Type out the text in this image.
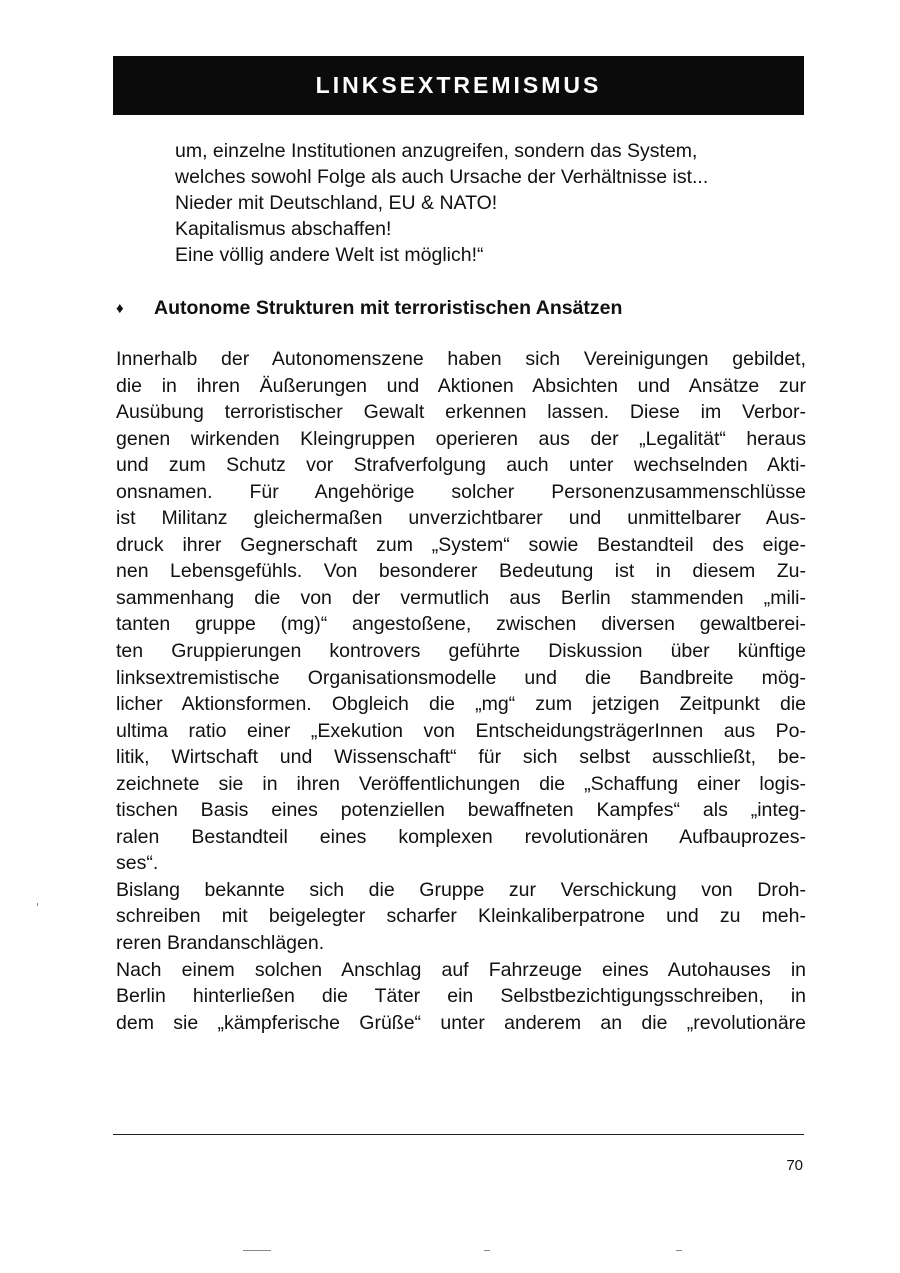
LINKSEXTREMISMUS
um, einzelne Institutionen anzugreifen, sondern das System,
welches sowohl Folge als auch Ursache der Verhältnisse ist...
Nieder mit Deutschland, EU & NATO!
Kapitalismus abschaffen!
Eine völlig andere Welt ist möglich!“
♦ Autonome Strukturen mit terroristischen Ansätzen
Innerhalb der Autonomenszene haben sich Vereinigungen gebildet,
die in ihren Äußerungen und Aktionen Absichten und Ansätze zur
Ausübung terroristischer Gewalt erkennen lassen. Diese im Verbor-
genen wirkenden Kleingruppen operieren aus der „Legalität“ heraus
und zum Schutz vor Strafverfolgung auch unter wechselnden Akti-
onsnamen. Für Angehörige solcher Personenzusammenschlüsse
ist Militanz gleichermaßen unverzichtbarer und unmittelbarer Aus-
druck ihrer Gegnerschaft zum „System“ sowie Bestandteil des eige-
nen Lebensgefühls. Von besonderer Bedeutung ist in diesem Zu-
sammenhang die von der vermutlich aus Berlin stammenden „mili-
tanten gruppe (mg)“ angestoßene, zwischen diversen gewaltberei-
ten Gruppierungen kontrovers geführte Diskussion über künftige
linksextremistische Organisationsmodelle und die Bandbreite mög-
licher Aktionsformen. Obgleich die „mg“ zum jetzigen Zeitpunkt die
ultima ratio einer „Exekution von EntscheidungsträgerInnen aus Po-
litik, Wirtschaft und Wissenschaft“ für sich selbst ausschließt, be-
zeichnete sie in ihren Veröffentlichungen die „Schaffung einer logis-
tischen Basis eines potenziellen bewaffneten Kampfes“ als „integ-
ralen Bestandteil eines komplexen revolutionären Aufbauprozes-
ses“.
Bislang bekannte sich die Gruppe zur Verschickung von Droh-
schreiben mit beigelegter scharfer Kleinkaliberpatrone und zu meh-
reren Brandanschlägen.
Nach einem solchen Anschlag auf Fahrzeuge eines Autohauses in
Berlin hinterließen die Täter ein Selbstbezichtigungsschreiben, in
dem sie „kämpferische Grüße“ unter anderem an die „revolutionäre
70
